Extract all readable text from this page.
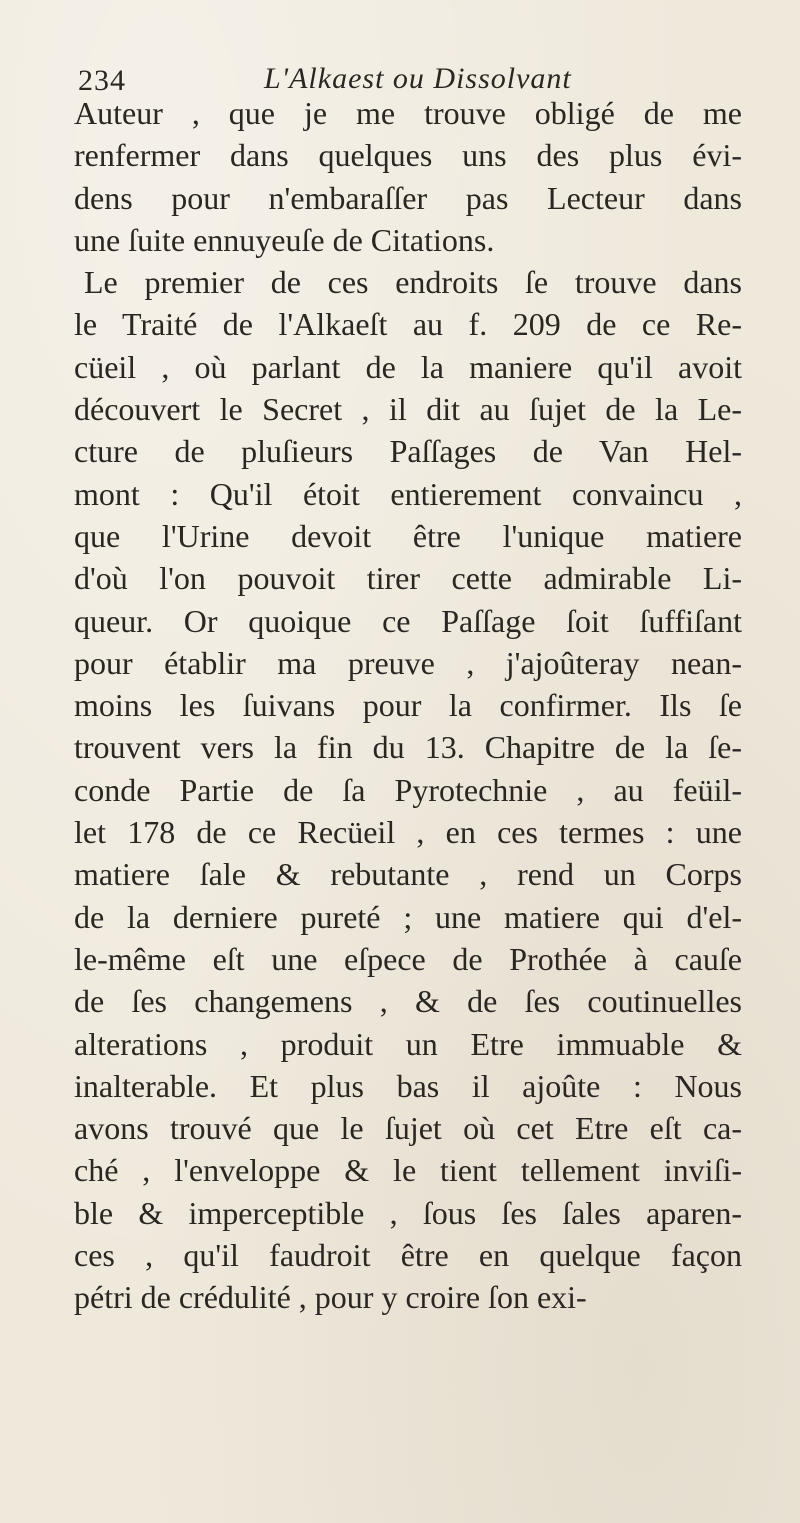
234	L'Alkaest ou Dissolvant
Auteur , que je me trouve obligé de me
renfermer dans quelques uns des plus évi-
dens pour n'embaraſſer pas Lecteur dans
une ſuite ennuyeuſe de Citations.
Le premier de ces endroits ſe trouve dans
le Traité de l'Alkaeſt au f. 209 de ce Re-
cüeil , où parlant de la maniere qu'il avoit
découvert le Secret , il dit au ſujet de la Le-
cture de pluſieurs Paſſages de Van Hel-
mont : Qu'il étoit entierement convaincu ,
que l'Urine devoit être l'unique matiere
d'où l'on pouvoit tirer cette admirable Li-
queur. Or quoique ce Paſſage ſoit ſuffiſant
pour établir ma preuve , j'ajoûteray nean-
moins les ſuivans pour la confirmer. Ils ſe
trouvent vers la fin du 13. Chapitre de la ſe-
conde Partie de ſa Pyrotechnie , au feüil-
let 178 de ce Recüeil , en ces termes : une
matiere ſale & rebutante , rend un Corps
de la derniere pureté ; une matiere qui d'el-
le-même eſt une eſpece de Prothée à cauſe
de ſes changemens , & de ſes coutinuelles
alterations , produit un Etre immuable &
inalterable. Et plus bas il ajoûte : Nous
avons trouvé que le ſujet où cet Etre eſt ca-
ché , l'enveloppe & le tient tellement inviſi-
ble & imperceptible , ſous ſes ſales aparen-
ces , qu'il faudroit être en quelque façon
pétri de crédulité , pour y croire ſon exi-
